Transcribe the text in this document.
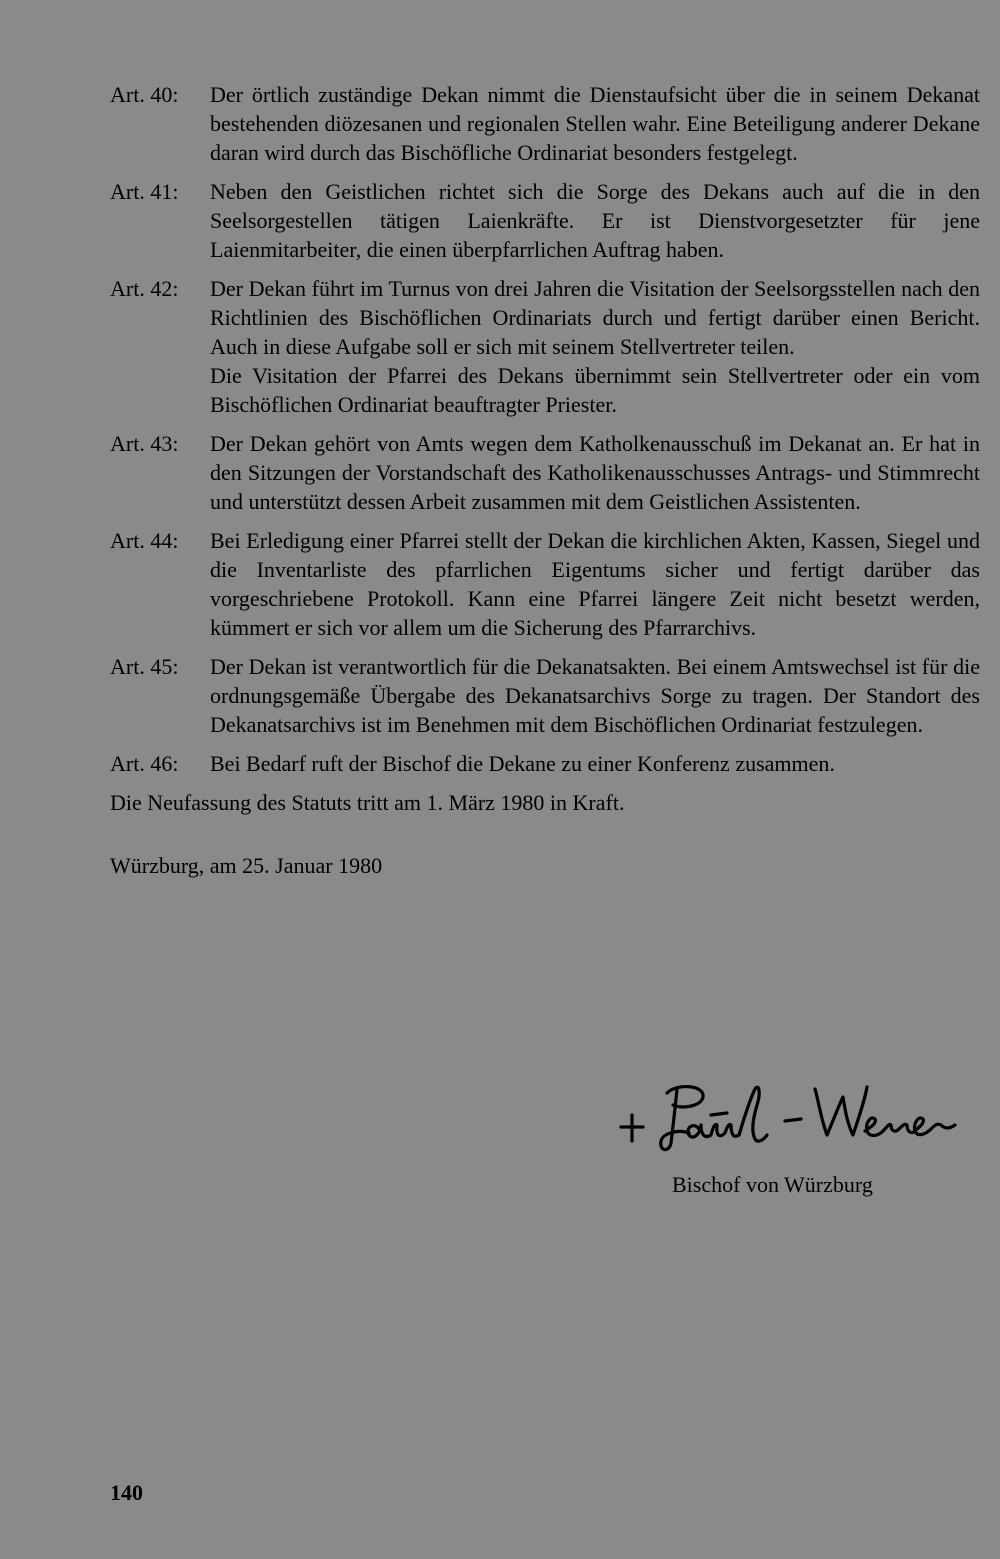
Art. 40:	Der örtlich zuständige Dekan nimmt die Dienstaufsicht über die in seinem Dekanat bestehenden diözesanen und regionalen Stellen wahr. Eine Beteiligung anderer Dekane daran wird durch das Bischöfliche Ordinariat besonders festgelegt.

Art. 41:	Neben den Geistlichen richtet sich die Sorge des Dekans auch auf die in den Seelsorgestellen tätigen Laienkräfte. Er ist Dienstvorgesetzter für jene Laienmitarbeiter, die einen überpfarrlichen Auftrag haben.

Art. 42:	Der Dekan führt im Turnus von drei Jahren die Visitation der Seelsorgsstellen nach den Richtlinien des Bischöflichen Ordinariats durch und fertigt darüber einen Bericht. Auch in diese Aufgabe soll er sich mit seinem Stellvertreter teilen.

Die Visitation der Pfarrei des Dekans übernimmt sein Stellvertreter oder ein vom Bischöflichen Ordinariat beauftragter Priester.

Art. 43:	Der Dekan gehört von Amts wegen dem Katholkenausschuß im Dekanat an. Er hat in den Sitzungen der Vorstandschaft des Katholikenausschusses Antrags- und Stimmrecht und unterstützt dessen Arbeit zusammen mit dem Geistlichen Assistenten.

Art. 44:	Bei Erledigung einer Pfarrei stellt der Dekan die kirchlichen Akten, Kassen, Siegel und die Inventarliste des pfarrlichen Eigentums sicher und fertigt darüber das vorgeschriebene Protokoll. Kann eine Pfarrei längere Zeit nicht besetzt werden, kümmert er sich vor allem um die Sicherung des Pfarrarchivs.

Art. 45:	Der Dekan ist verantwortlich für die Dekanatsakten. Bei einem Amtswechsel ist für die ordnungsgemäße Übergabe des Dekanatsarchivs Sorge zu tragen. Der Standort des Dekanatsarchivs ist im Benehmen mit dem Bischöflichen Ordinariat festzulegen.

Art. 46:	Bei Bedarf ruft der Bischof die Dekane zu einer Konferenz zusammen.

Die Neufassung des Statuts tritt am 1. März 1980 in Kraft.
Würzburg, am 25. Januar 1980
Bischof von Würzburg
140
